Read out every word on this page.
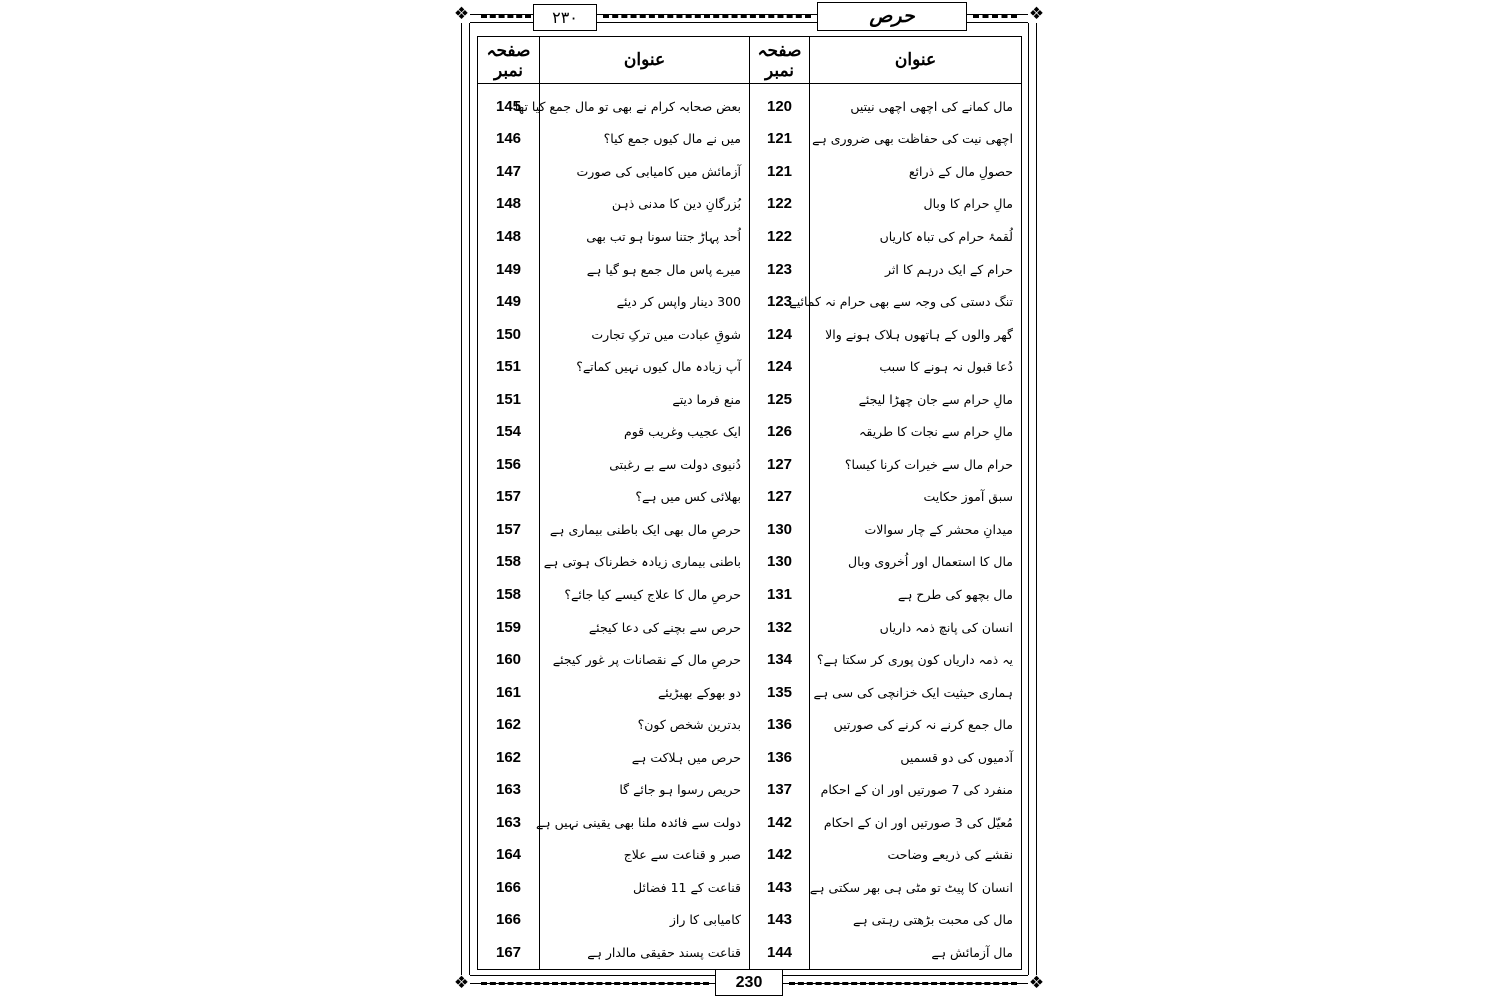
❖	❖
❖	❖
۲۳۰	حرص
عنوان	صفحہ نمبر	عنوان	صفحہ نمبر
مال کمانے کی اچھی اچھی نیتیں	120	بعض صحابہ کرام نے بھی تو مال جمع کیا تھا	145
اچھی نیت کی حفاظت بھی ضروری ہے	121	میں نے مال کیوں جمع کیا؟	146
حصولِ مال کے ذرائع	121	آزمائش میں کامیابی کی صورت	147
مالِ حرام کا وبال	122	بُزرگانِ دین کا مدنی ذہن	148
لُقمۂ حرام کی تباہ کاریاں	122	اُحد پہاڑ جتنا سونا ہو تب بھی	148
حرام کے ایک درہم کا اثر	123	میرے پاس مال جمع ہو گیا ہے	149
تنگ دستی کی وجہ سے بھی حرام نہ کمائیے	123	300 دینار واپس کر دیئے	149
گھر والوں کے ہاتھوں ہلاک ہونے والا	124	شوقِ عبادت میں ترکِ تجارت	150
دُعا قبول نہ ہونے کا سبب	124	آپ زیادہ مال کیوں نہیں کماتے؟	151
مالِ حرام سے جان چھڑا لیجئے	125	منع فرما دیتے	151
مالِ حرام سے نجات کا طریقہ	126	ایک عجیب وغریب قوم	154
حرام مال سے خیرات کرنا کیسا؟	127	دُنیوی دولت سے بے رغبتی	156
سبق آموز حکایت	127	بھلائی کس میں ہے؟	157
میدانِ محشر کے چار سوالات	130	حرصِ مال بھی ایک باطنی بیماری ہے	157
مال کا استعمال اور اُخروی وبال	130	باطنی بیماری زیادہ خطرناک ہوتی ہے	158
مال بچھو کی طرح ہے	131	حرصِ مال کا علاج کیسے کیا جائے؟	158
انسان کی پانچ ذمہ داریاں	132	حرص سے بچنے کی دعا کیجئے	159
یہ ذمہ داریاں کون پوری کر سکتا ہے؟	134	حرصِ مال کے نقصانات پر غور کیجئے	160
ہماری حیثیت ایک خزانچی کی سی ہے	135	دو بھوکے بھیڑیئے	161
مال جمع کرنے نہ کرنے کی صورتیں	136	بدترین شخص کون؟	162
آدمیوں کی دو قسمیں	136	حرص میں ہلاکت ہے	162
منفرد کی 7 صورتیں اور ان کے احکام	137	حریص رسوا ہو جائے گا	163
مُعیّل کی 3 صورتیں اور ان کے احکام	142	دولت سے فائدہ ملنا بھی یقینی نہیں ہے	163
نقشے کی ذریعے وضاحت	142	صبر و قناعت سے علاج	164
انسان کا پیٹ تو مٹی ہی بھر سکتی ہے	143	قناعت کے 11 فضائل	166
مال کی محبت بڑھتی رہتی ہے	143	کامیابی کا راز	166
مال آزمائش ہے	144	قناعت پسند حقیقی مالدار ہے	167
230
